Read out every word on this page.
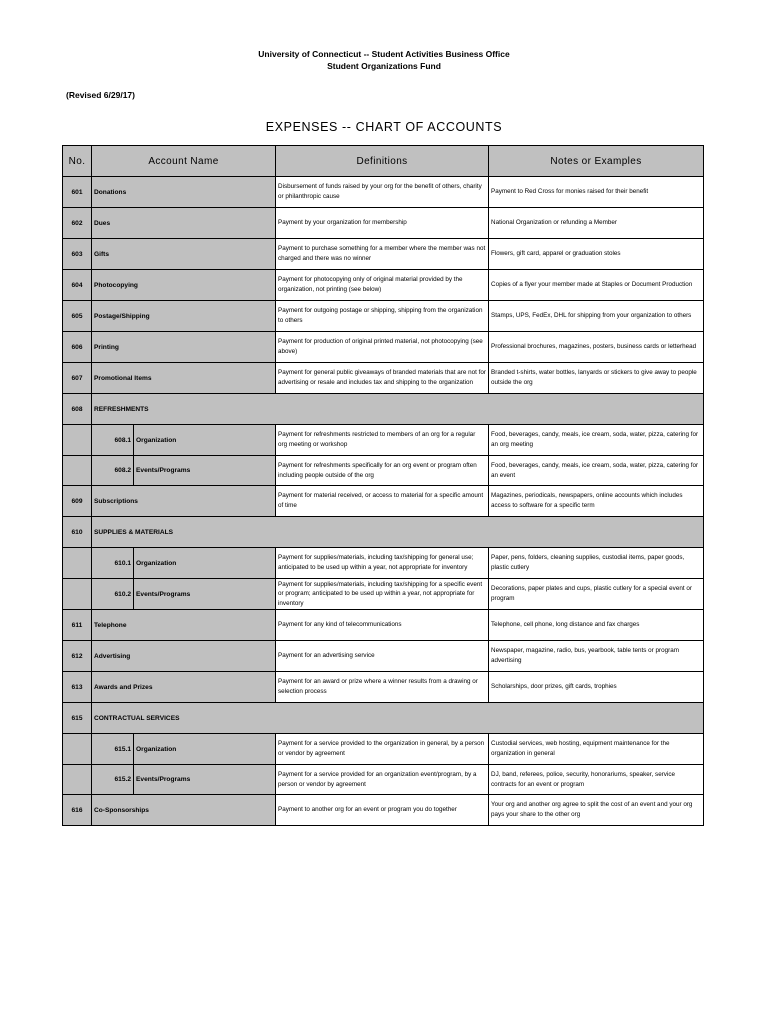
University of Connecticut -- Student Activities Business Office
Student Organizations Fund
(Revised 6/29/17)
EXPENSES -- CHART OF ACCOUNTS
No.	Account Name		Definitions	Notes or Examples
601	Donations		Disbursement of funds raised by your org for the benefit of others, charity or philanthropic cause	Payment to Red Cross for monies raised for their benefit
602	Dues		Payment by your organization for membership	National Organization or refunding a Member
603	Gifts		Payment to purchase something for a member where the member was not charged and there was no winner	Flowers, gift card, apparel or graduation stoles
604	Photocopying		Payment for photocopying only of original material provided by the organization, not printing (see below)	Copies of a flyer your member made at Staples or Document Production
605	Postage/Shipping		Payment for outgoing postage or shipping, shipping from the organization to others	Stamps, UPS, FedEx, DHL for shipping from your organization to others
606	Printing		Payment for production of original printed material, not photocopying (see above)	Professional brochures, magazines, posters, business cards or letterhead
607	Promotional Items		Payment for general public giveaways of branded materials that are not for advertising or resale and includes tax and shipping to the organization	Branded t-shirts, water bottles, lanyards or stickers to give away to people outside the org
608	REFRESHMENTS			
	608.1	Organization	Payment for refreshments restricted to members of an org for a regular org meeting or workshop	Food, beverages, candy, meals, ice cream, soda, water, pizza, catering for an org meeting
	608.2	Events/Programs	Payment for refreshments specifically for an org event or program often including people outside of the org	Food, beverages, candy, meals, ice cream, soda, water, pizza, catering for an event
609	Subscriptions		Payment for material received, or access to material for a specific amount of time	Magazines, periodicals, newspapers, online accounts which includes access to software for a specific term
610	SUPPLIES & MATERIALS			
	610.1	Organization	Payment for supplies/materials, including tax/shipping for general use; anticipated to be used up within a year, not appropriate for inventory	Paper, pens, folders, cleaning supplies, custodial items, paper goods, plastic cutlery
	610.2	Events/Programs	Payment for supplies/materials, including tax/shipping for a specific event or program; anticipated to be used up within a year, not appropriate for inventory	Decorations, paper plates and cups, plastic cutlery for a special event or program
611	Telephone		Payment for any kind of telecommunications	Telephone, cell phone, long distance and fax charges
612	Advertising		Payment for an advertising service	Newspaper, magazine, radio, bus, yearbook, table tents or program advertising
613	Awards and Prizes		Payment for an award or prize where a winner results from a drawing or selection process	Scholarships, door prizes, gift cards, trophies
615	CONTRACTUAL SERVICES			
	615.1	Organization	Payment for a service provided to the organization in general, by a person or vendor by agreement	Custodial services, web hosting, equipment maintenance for the organization in general
	615.2	Events/Programs	Payment for a service provided for an organization event/program, by a person or vendor by agreement	DJ, band, referees, police, security, honorariums, speaker, service contracts for an event or program
616	Co-Sponsorships		Payment to another org for an event or program you do together	Your org and another org agree to split the cost of an event and your org pays your share to the other org
